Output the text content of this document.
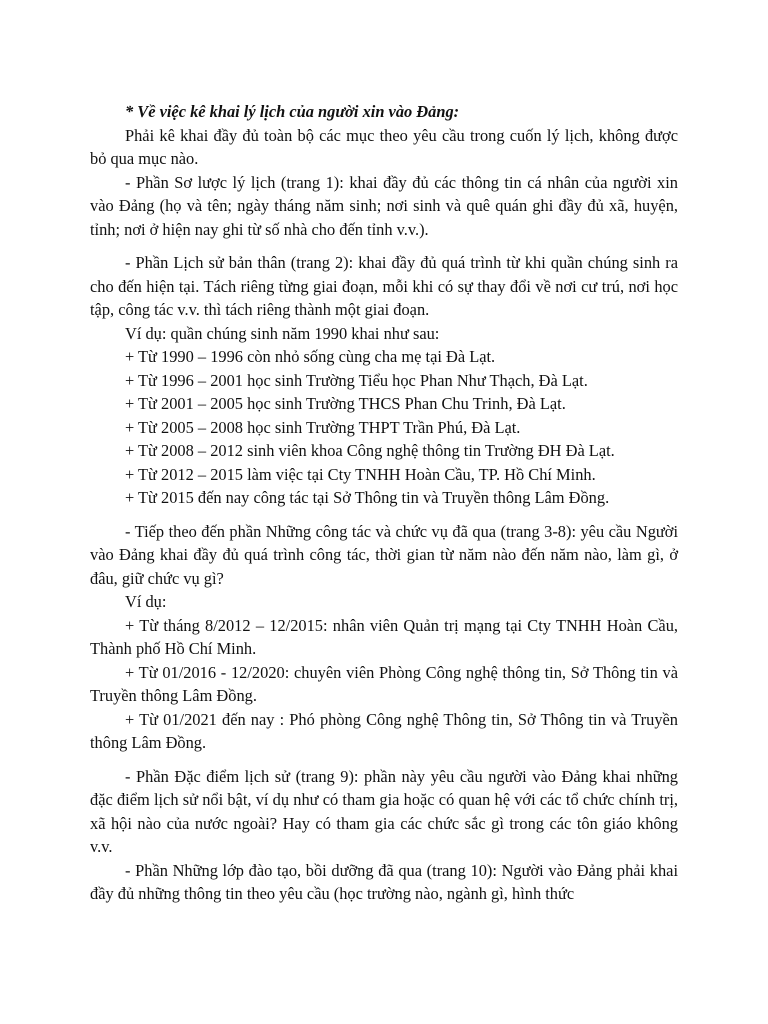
* Về việc kê khai lý lịch của người xin vào Đảng:

Phải kê khai đầy đủ toàn bộ các mục theo yêu cầu trong cuốn lý lịch, không được bỏ qua mục nào.

- Phần Sơ lược lý lịch (trang 1): khai đầy đủ các thông tin cá nhân của người xin vào Đảng (họ và tên; ngày tháng năm sinh; nơi sinh và quê quán ghi đầy đủ xã, huyện, tỉnh; nơi ở hiện nay ghi từ số nhà cho đến tỉnh v.v.).

- Phần Lịch sử bản thân (trang 2): khai đầy đủ quá trình từ khi quần chúng sinh ra cho đến hiện tại. Tách riêng từng giai đoạn, mỗi khi có sự thay đổi về nơi cư trú, nơi học tập, công tác v.v. thì tách riêng thành một giai đoạn.

Ví dụ: quần chúng sinh năm 1990 khai như sau:

+ Từ 1990 – 1996 còn nhỏ sống cùng cha mẹ tại Đà Lạt.

+ Từ 1996 – 2001 học sinh Trường Tiểu học Phan Như Thạch, Đà Lạt.

+ Từ 2001 – 2005 học sinh Trường THCS Phan Chu Trinh, Đà Lạt.

+ Từ 2005 – 2008 học sinh Trường THPT Trần Phú, Đà Lạt.

+ Từ 2008 – 2012 sinh viên khoa Công nghệ thông tin Trường ĐH Đà Lạt.

+ Từ 2012 – 2015 làm việc tại Cty TNHH Hoàn Cầu, TP. Hồ Chí Minh.

+ Từ 2015 đến nay công tác tại Sở Thông tin và Truyền thông Lâm Đồng.

- Tiếp theo đến phần Những công tác và chức vụ đã qua (trang 3-8): yêu cầu Người vào Đảng khai đầy đủ quá trình công tác, thời gian từ năm nào đến năm nào, làm gì, ở đâu, giữ chức vụ gì?

Ví dụ:

+ Từ tháng 8/2012 – 12/2015: nhân viên Quản trị mạng tại Cty TNHH Hoàn Cầu, Thành phố Hồ Chí Minh.

+ Từ 01/2016 - 12/2020: chuyên viên Phòng Công nghệ thông tin, Sở Thông tin và Truyền thông Lâm Đồng.

+ Từ 01/2021 đến nay : Phó phòng Công nghệ Thông tin, Sở Thông tin và Truyền thông Lâm Đồng.

- Phần Đặc điểm lịch sử (trang 9): phần này yêu cầu người vào Đảng khai những đặc điểm lịch sử nổi bật, ví dụ như có tham gia hoặc có quan hệ với các tổ chức chính trị, xã hội nào của nước ngoài? Hay có tham gia các chức sắc gì trong các tôn giáo không v.v.

- Phần Những lớp đào tạo, bồi dưỡng đã qua (trang 10): Người vào Đảng phải khai đầy đủ những thông tin theo yêu cầu (học trường nào, ngành gì, hình thức
